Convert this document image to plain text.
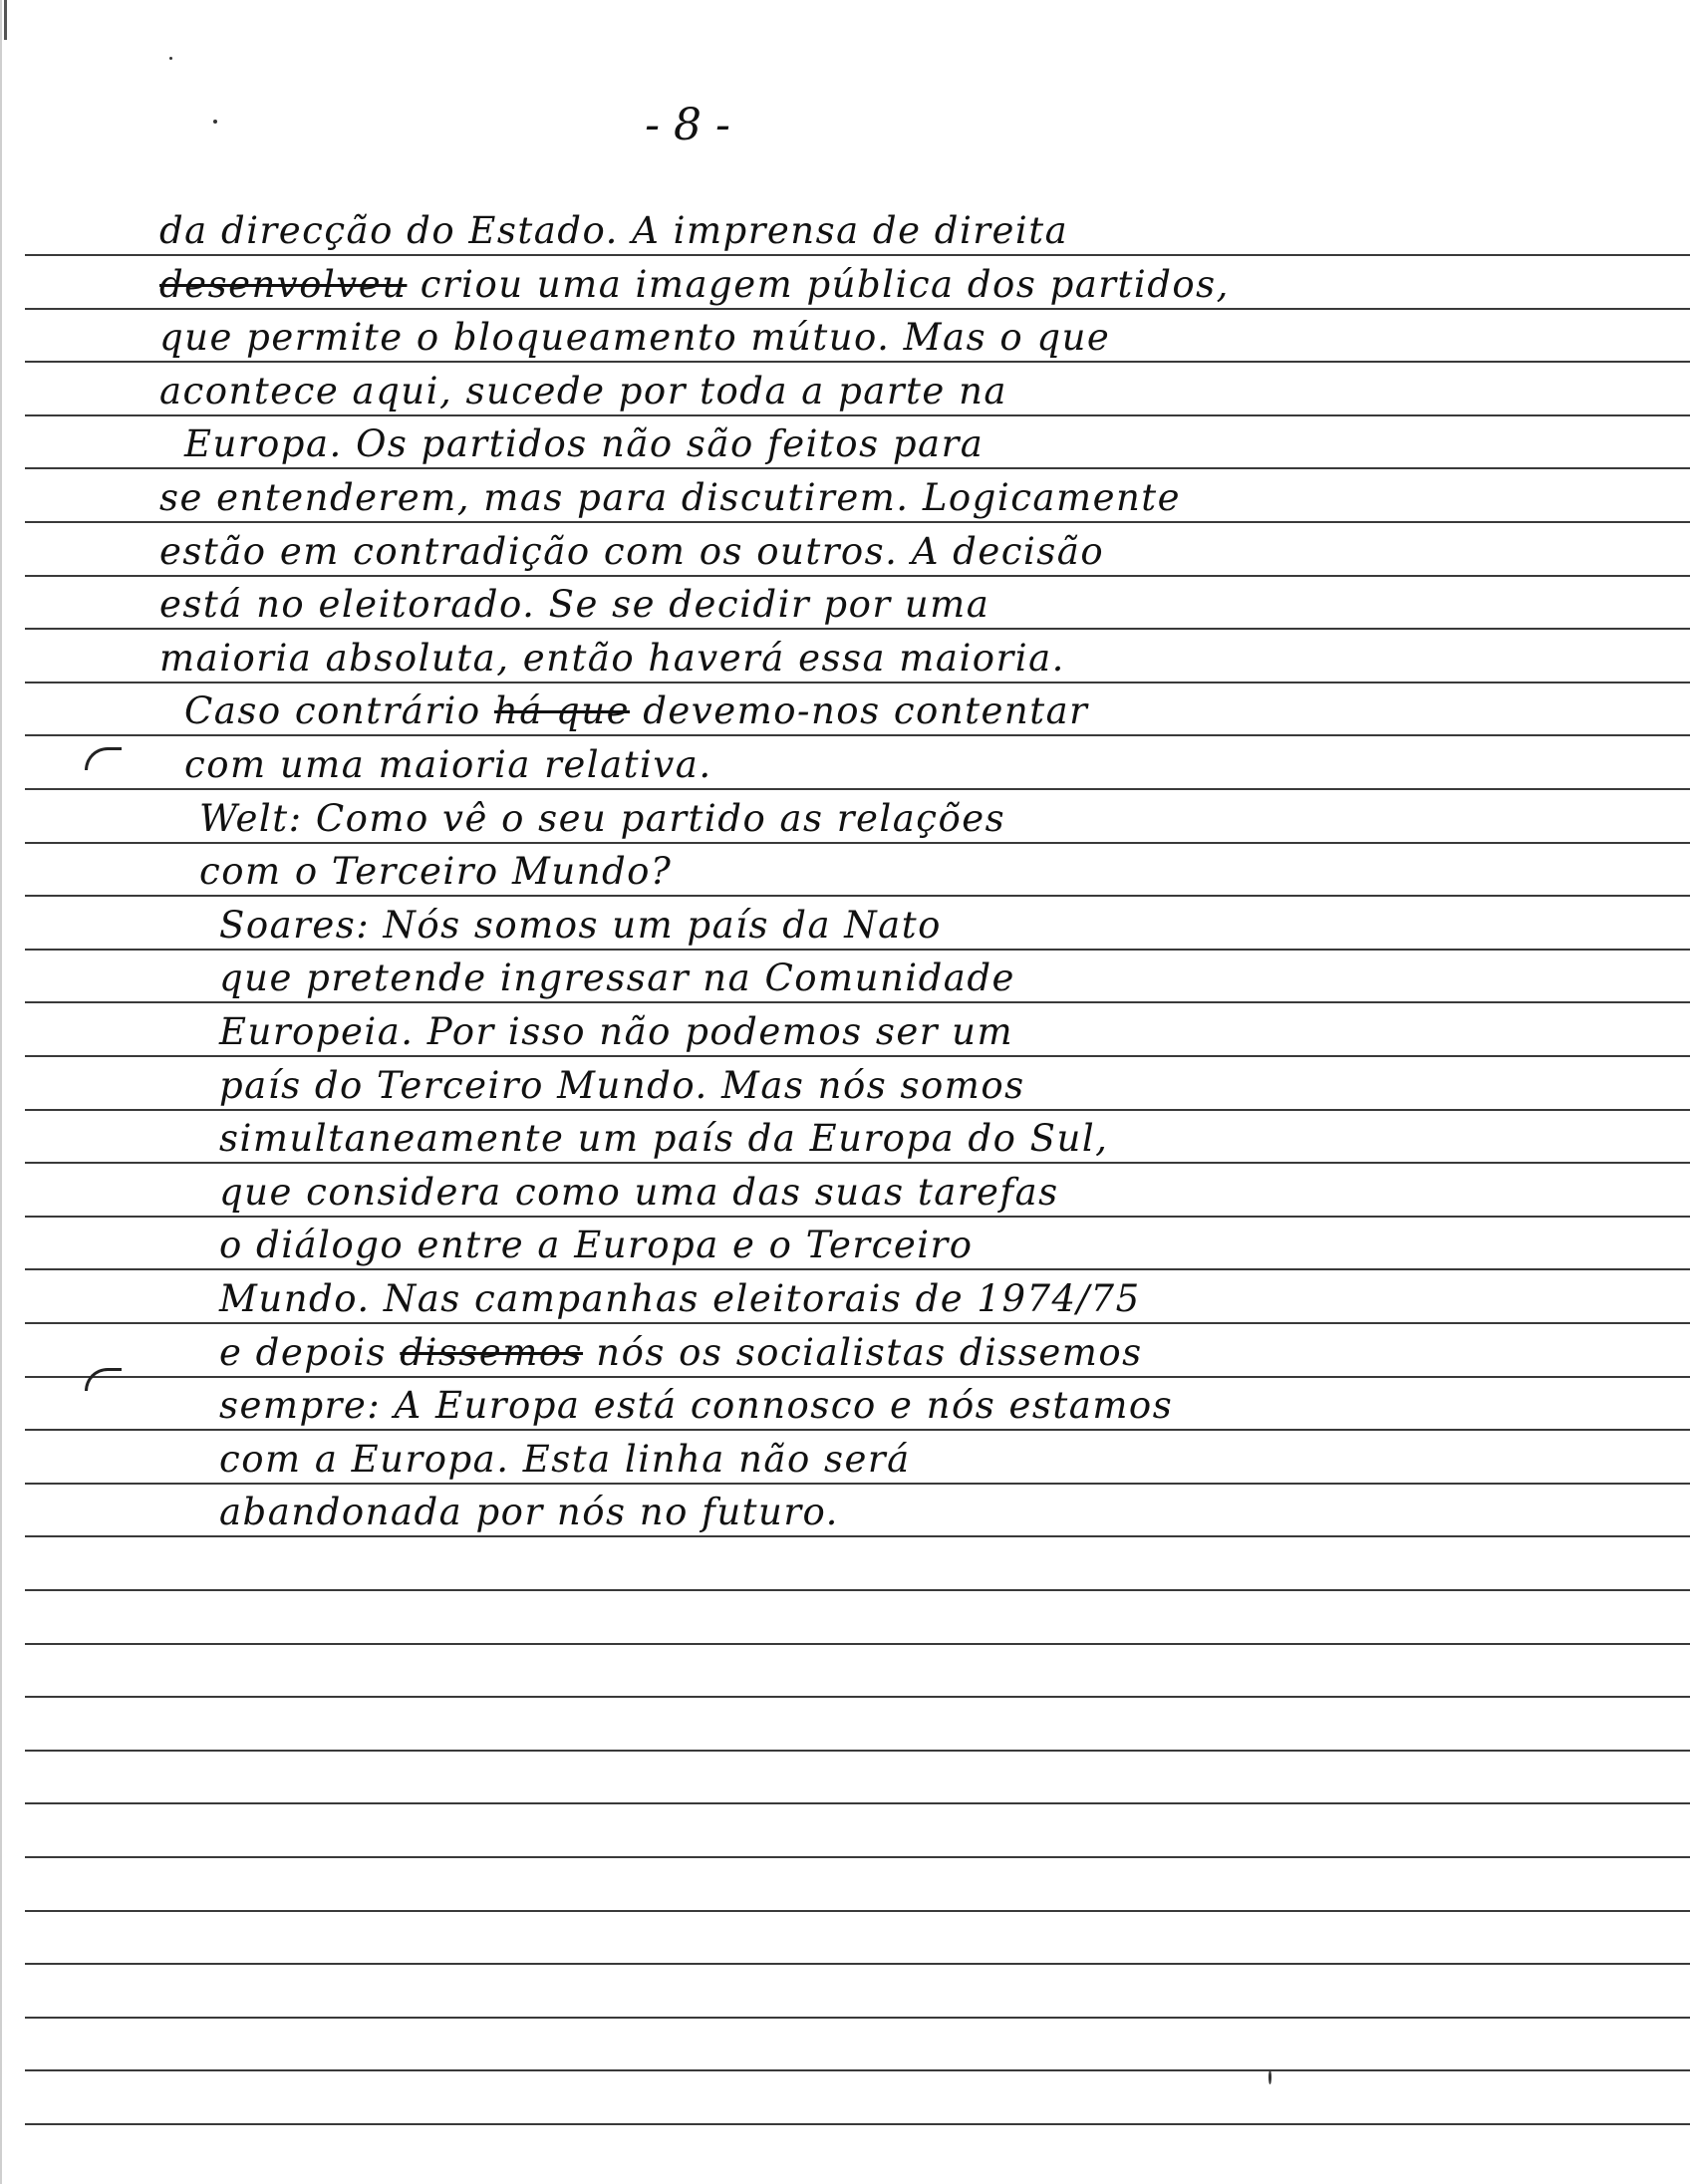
- 8 -
da direcção do Estado. A imprensa de direita
desenvolveu criou uma imagem pública dos partidos,
que permite o bloqueamento mútuo. Mas o que
acontece aqui, sucede por toda a parte na
Europa. Os partidos não são feitos para
se entenderem, mas para discutirem. Logicamente
estão em contradição com os outros. A decisão
está no eleitorado. Se se decidir por uma
maioria absoluta, então haverá essa maioria.
Caso contrário há que devemo-nos contentar
com uma maioria relativa.
Welt: Como vê o seu partido as relações
com o Terceiro Mundo?
Soares: Nós somos um país da Nato
que pretende ingressar na Comunidade
Europeia. Por isso não podemos ser um
país do Terceiro Mundo. Mas nós somos
simultaneamente um país da Europa do Sul,
que considera como uma das suas tarefas
o diálogo entre a Europa e o Terceiro
Mundo. Nas campanhas eleitorais de 1974/75
e depois dissemos nós os socialistas dissemos
sempre: A Europa está connosco e nós estamos
com a Europa. Esta linha não será
abandonada por nós no futuro.
